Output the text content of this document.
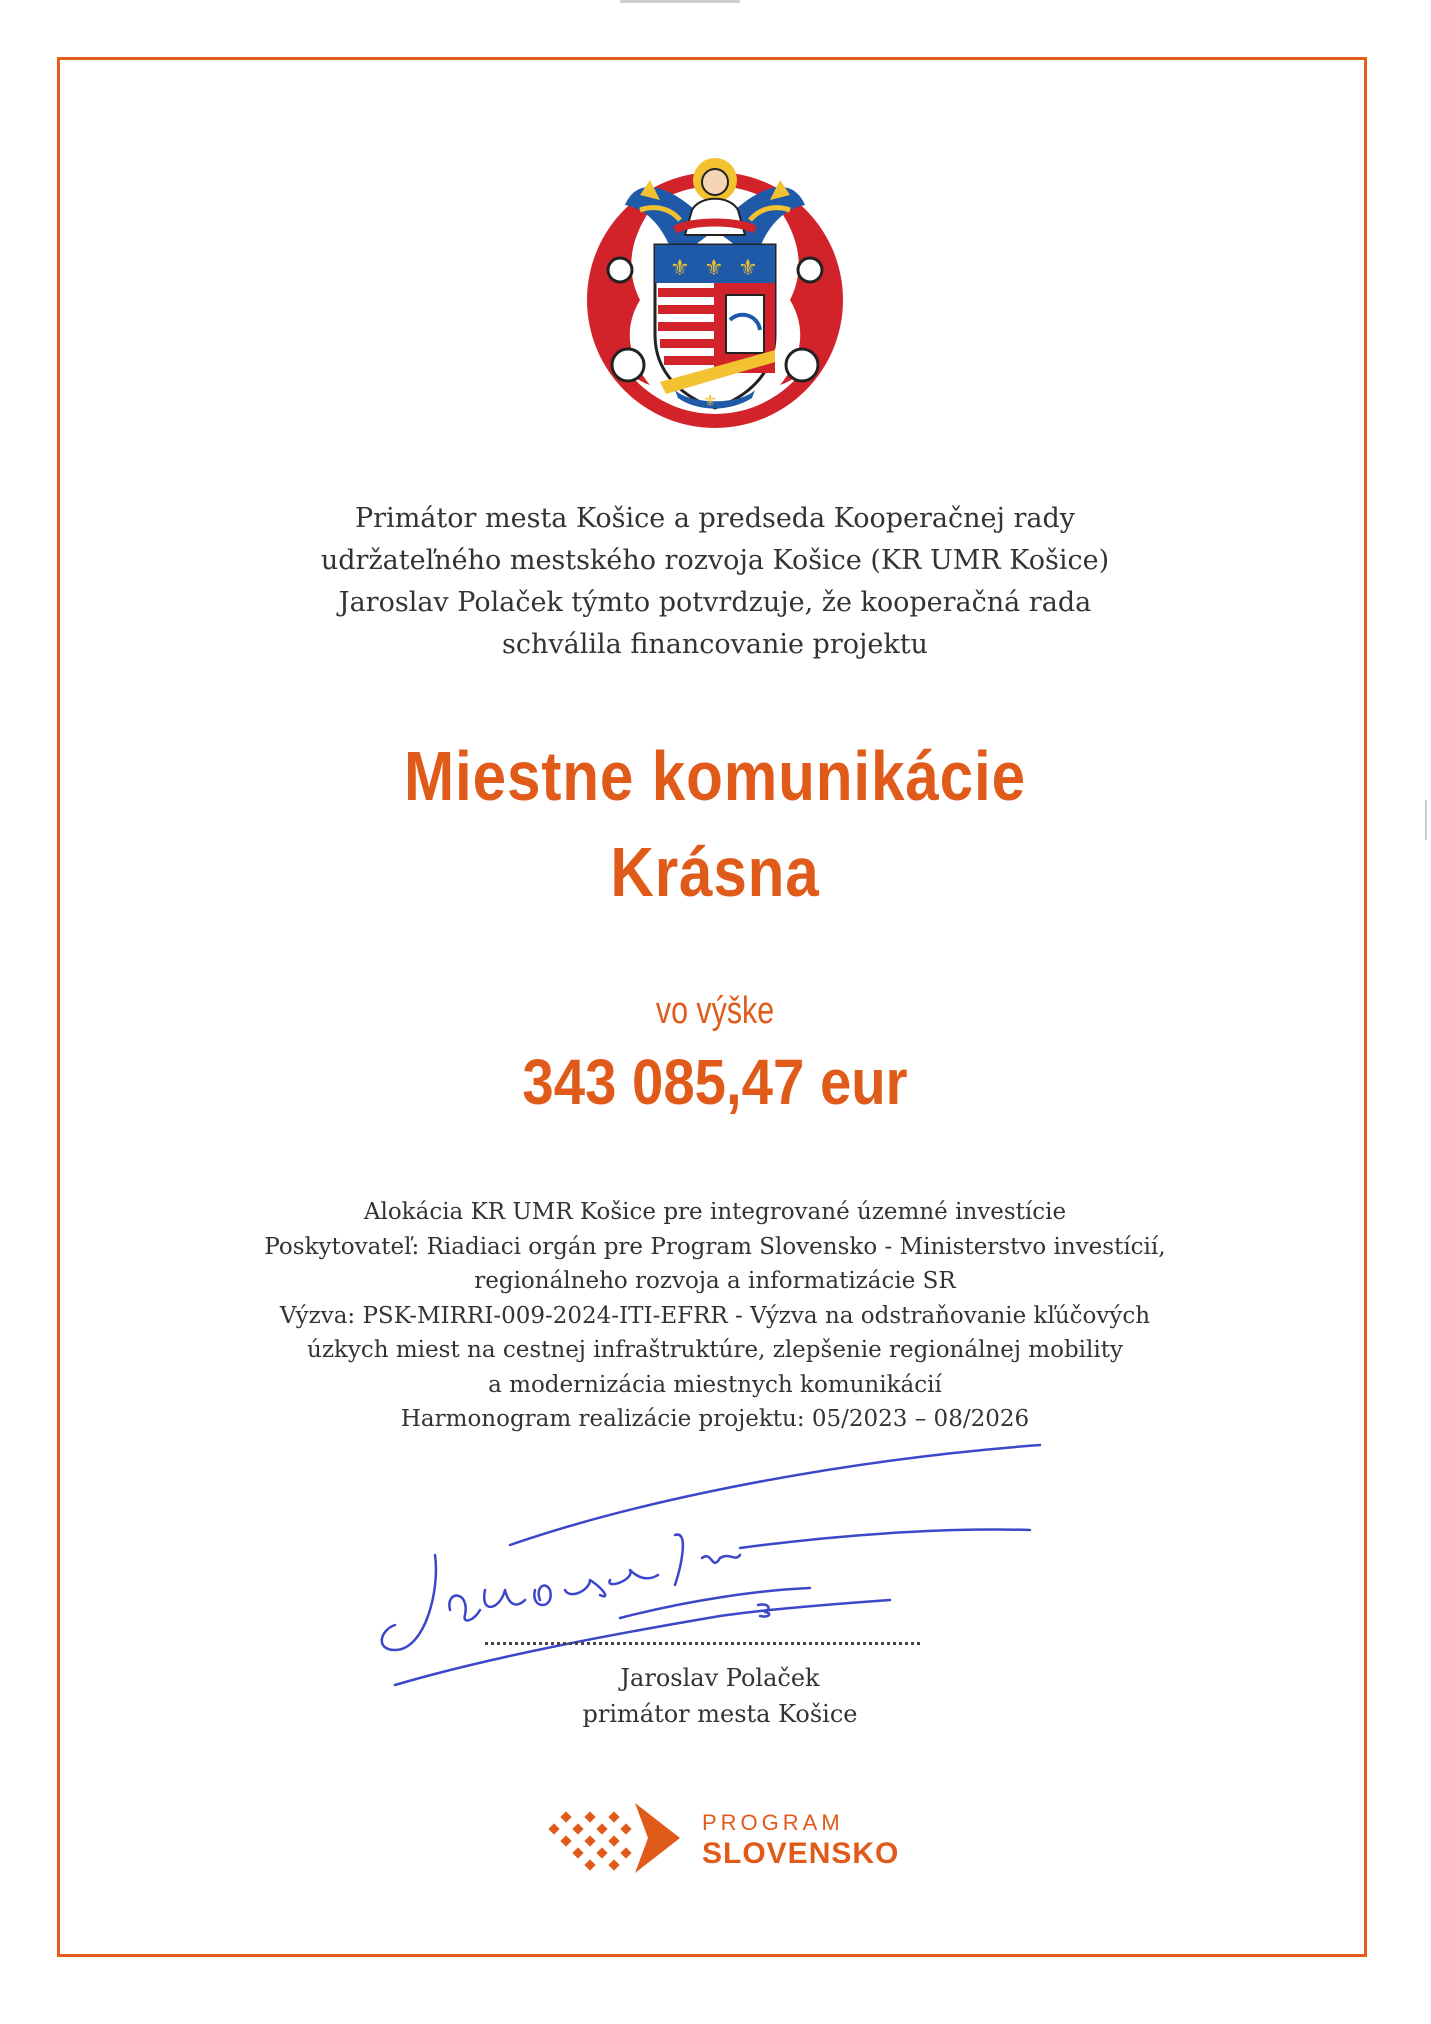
⚜ ⚜ ⚜
⚜
Primátor mesta Košice a predseda Kooperačnej rady
udržateľného mestského rozvoja Košice (KR UMR Košice)
Jaroslav Polaček týmto potvrdzuje, že kooperačná rada
schválila financovanie projektu
Miestne komunikácie
Krásna
vo výške
343 085,47 eur
Alokácia KR UMR Košice pre integrované územné investície
Poskytovateľ: Riadiaci orgán pre Program Slovensko - Ministerstvo investícií,
regionálneho rozvoja a informatizácie SR
Výzva: PSK-MIRRI-009-2024-ITI-EFRR - Výzva na odstraňovanie kľúčových
úzkych miest na cestnej infraštruktúre, zlepšenie regionálnej mobility
a modernizácia miestnych komunikácií
Harmonogram realizácie projektu: 05/2023 – 08/2026
Jaroslav Polaček
primátor mesta Košice
PROGRAM
SLOVENSKO
